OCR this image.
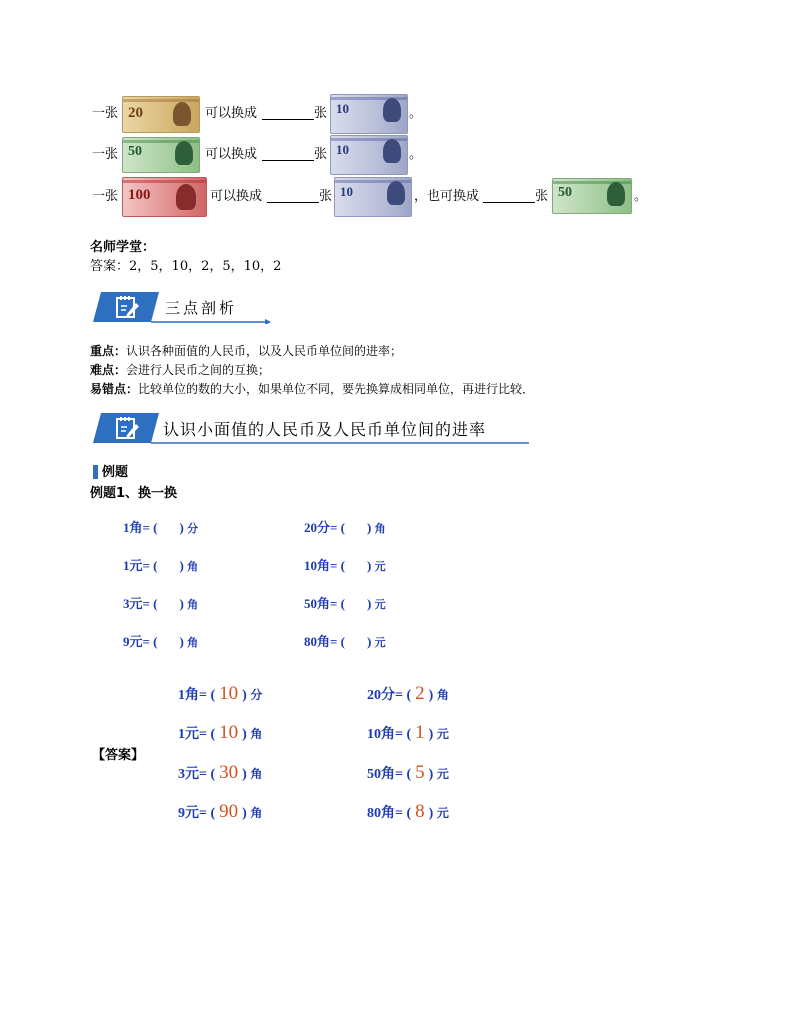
一张 20	可以换成	张 10	。
一张 50	可以换成	张 10	。
一张 100	可以换成	张 10	，也可换成	张 50	。
名师学堂：
答案：2，5，10，2，5，10，2
三点剖析
重点：认识各种面值的人民币，以及人民币单位间的进率；
难点：会进行人民币之间的互换；
易错点：比较单位的数的大小，如果单位不同，要先换算成相同单位，再进行比较．
认识小面值的人民币及人民币单位间的进率
例题
例题1、换一换
1角= ( ) 分	20分= ( ) 角
1元= ( ) 角	10角= ( ) 元
3元= ( ) 角	50角= ( ) 元
9元= ( ) 角	80角= ( ) 元
【答案】
1角= ( 10 ) 分	20分= ( 2 ) 角
1元= ( 10 ) 角	10角= ( 1 ) 元
3元= ( 30 ) 角	50角= ( 5 ) 元
9元= ( 90 ) 角	80角= ( 8 ) 元
